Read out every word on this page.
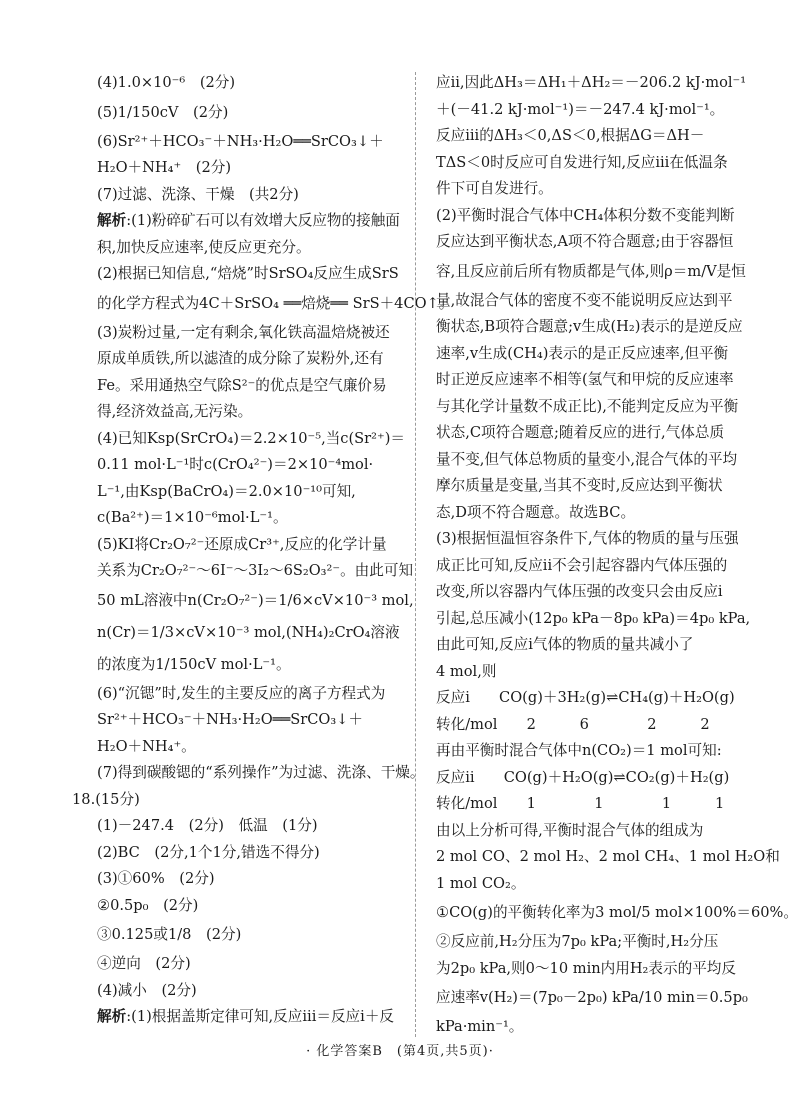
(4)1.0×10⁻⁶　(2分)
(5)1/150cV　(2分)
(6)Sr²⁺＋HCO₃⁻＋NH₃·H₂O══SrCO₃↓＋
H₂O＋NH₄⁺　(2分)
(7)过滤、洗涤、干燥　(共2分)
解析:(1)粉碎矿石可以有效增大反应物的接触面
积,加快反应速率,使反应更充分。
(2)根据已知信息,“焙烧”时SrSO₄反应生成SrS
的化学方程式为4C＋SrSO₄ ══焙烧══ SrS＋4CO↑。
(3)炭粉过量,一定有剩余,氧化铁高温焙烧被还
原成单质铁,所以滤渣的成分除了炭粉外,还有
Fe。采用通热空气除S²⁻的优点是空气廉价易
得,经济效益高,无污染。
(4)已知Ksp(SrCrO₄)＝2.2×10⁻⁵,当c(Sr²⁺)＝
0.11 mol·L⁻¹时c(CrO₄²⁻)＝2×10⁻⁴mol·
L⁻¹,由Ksp(BaCrO₄)＝2.0×10⁻¹⁰可知,
c(Ba²⁺)＝1×10⁻⁶mol·L⁻¹。
(5)KI将Cr₂O₇²⁻还原成Cr³⁺,反应的化学计量
关系为Cr₂O₇²⁻～6I⁻～3I₂～6S₂O₃²⁻。由此可知
50 mL溶液中n(Cr₂O₇²⁻)＝1/6×cV×10⁻³ mol,
n(Cr)＝1/3×cV×10⁻³ mol,(NH₄)₂CrO₄溶液
的浓度为1/150cV mol·L⁻¹。
(6)“沉锶”时,发生的主要反应的离子方程式为
Sr²⁺＋HCO₃⁻＋NH₃·H₂O══SrCO₃↓＋
H₂O＋NH₄⁺。
(7)得到碳酸锶的“系列操作”为过滤、洗涤、干燥。
18.(15分)
(1)－247.4　(2分)　低温　(1分)
(2)BC　(2分,1个1分,错选不得分)
(3)①60%　(2分)
②0.5p₀　(2分)
③0.125或1/8　(2分)
④逆向　(2分)
(4)减小　(2分)
解析:(1)根据盖斯定律可知,反应iii＝反应i＋反
应ii,因此ΔH₃＝ΔH₁＋ΔH₂＝－206.2 kJ·mol⁻¹
＋(－41.2 kJ·mol⁻¹)＝－247.4 kJ·mol⁻¹。
反应iii的ΔH₃＜0,ΔS＜0,根据ΔG＝ΔH－
TΔS＜0时反应可自发进行知,反应iii在低温条
件下可自发进行。
(2)平衡时混合气体中CH₄体积分数不变能判断
反应达到平衡状态,A项不符合题意;由于容器恒
容,且反应前后所有物质都是气体,则ρ＝m/V是恒
量,故混合气体的密度不变不能说明反应达到平
衡状态,B项符合题意;v生成(H₂)表示的是逆反应
速率,v生成(CH₄)表示的是正反应速率,但平衡
时正逆反应速率不相等(氢气和甲烷的反应速率
与其化学计量数不成正比),不能判定反应为平衡
状态,C项符合题意;随着反应的进行,气体总质
量不变,但气体总物质的量变小,混合气体的平均
摩尔质量是变量,当其不变时,反应达到平衡状
态,D项不符合题意。故选BC。
(3)根据恒温恒容条件下,气体的物质的量与压强
成正比可知,反应ii不会引起容器内气体压强的
改变,所以容器内气体压强的改变只会由反应i
引起,总压减小(12p₀ kPa－8p₀ kPa)＝4p₀ kPa,
由此可知,反应i气体的物质的量共减小了
4 mol,则
反应i　　CO(g)＋3H₂(g)⇌CH₄(g)＋H₂O(g)
转化/mol　　2　　　6　　　　2　　　2
再由平衡时混合气体中n(CO₂)＝1 mol可知:
反应ii　　CO(g)＋H₂O(g)⇌CO₂(g)＋H₂(g)
转化/mol　　1　　　　1　　　　1　　　1
由以上分析可得,平衡时混合气体的组成为
2 mol CO、2 mol H₂、2 mol CH₄、1 mol H₂O和
1 mol CO₂。
①CO(g)的平衡转化率为3 mol/5 mol×100%＝60%。
②反应前,H₂分压为7p₀ kPa;平衡时,H₂分压
为2p₀ kPa,则0～10 min内用H₂表示的平均反
应速率v(H₂)＝(7p₀－2p₀) kPa/10 min＝0.5p₀
kPa·min⁻¹。
· 化学答案B　(第4页,共5页)·
